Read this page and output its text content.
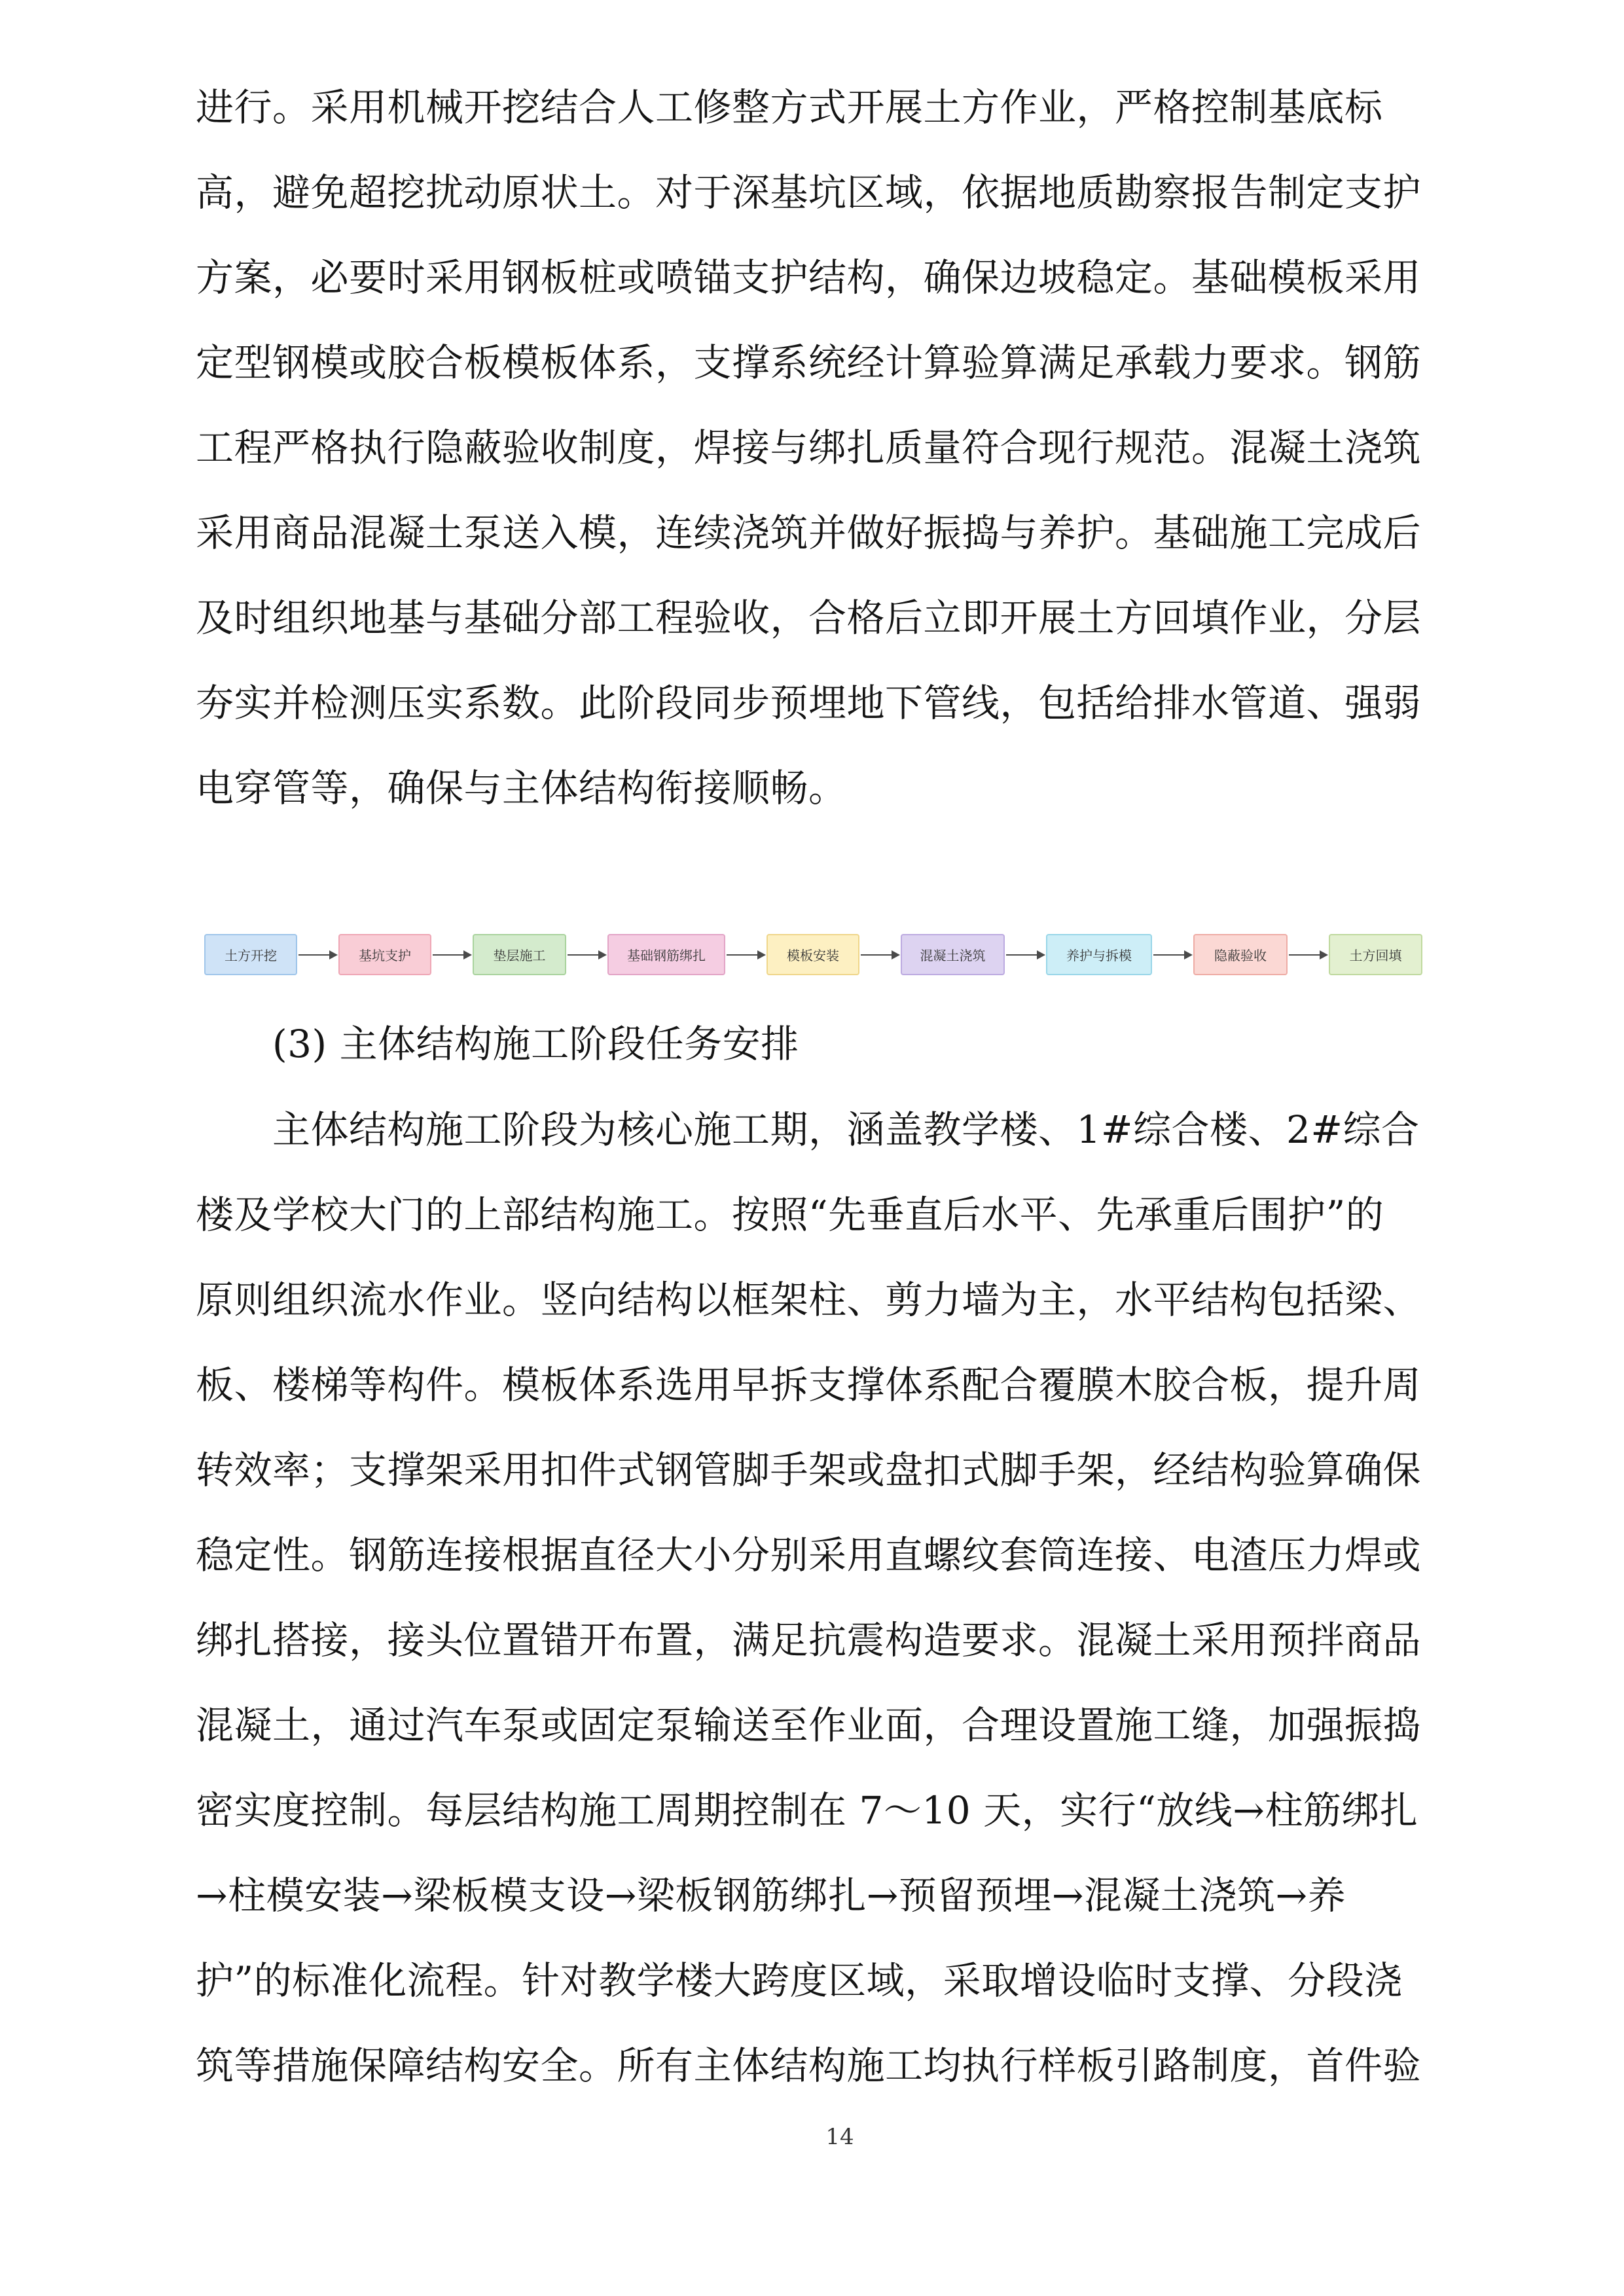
进行。采用机械开挖结合人工修整方式开展土方作业，严格控制基底标
高，避免超挖扰动原状土。对于深基坑区域，依据地质勘察报告制定支护
方案，必要时采用钢板桩或喷锚支护结构，确保边坡稳定。基础模板采用
定型钢模或胶合板模板体系，支撑系统经计算验算满足承载力要求。钢筋
工程严格执行隐蔽验收制度，焊接与绑扎质量符合现行规范。混凝土浇筑
采用商品混凝土泵送入模，连续浇筑并做好振捣与养护。基础施工完成后
及时组织地基与基础分部工程验收，合格后立即开展土方回填作业，分层
夯实并检测压实系数。此阶段同步预埋地下管线，包括给排水管道、强弱
电穿管等，确保与主体结构衔接顺畅。
土方开挖	基坑支护	垫层施工	基础钢筋绑扎	模板安装	混凝土浇筑	养护与拆模	隐蔽验收	土方回填
(3) 主体结构施工阶段任务安排
主体结构施工阶段为核心施工期，涵盖教学楼、1#综合楼、2#综合
楼及学校大门的上部结构施工。按照“先垂直后水平、先承重后围护”的
原则组织流水作业。竖向结构以框架柱、剪力墙为主，水平结构包括梁、
板、楼梯等构件。模板体系选用早拆支撑体系配合覆膜木胶合板，提升周
转效率；支撑架采用扣件式钢管脚手架或盘扣式脚手架，经结构验算确保
稳定性。钢筋连接根据直径大小分别采用直螺纹套筒连接、电渣压力焊或
绑扎搭接，接头位置错开布置，满足抗震构造要求。混凝土采用预拌商品
混凝土，通过汽车泵或固定泵输送至作业面，合理设置施工缝，加强振捣
密实度控制。每层结构施工周期控制在 7～10 天，实行“放线→柱筋绑扎
→柱模安装→梁板模支设→梁板钢筋绑扎→预留预埋→混凝土浇筑→养
护”的标准化流程。针对教学楼大跨度区域，采取增设临时支撑、分段浇
筑等措施保障结构安全。所有主体结构施工均执行样板引路制度，首件验
14
